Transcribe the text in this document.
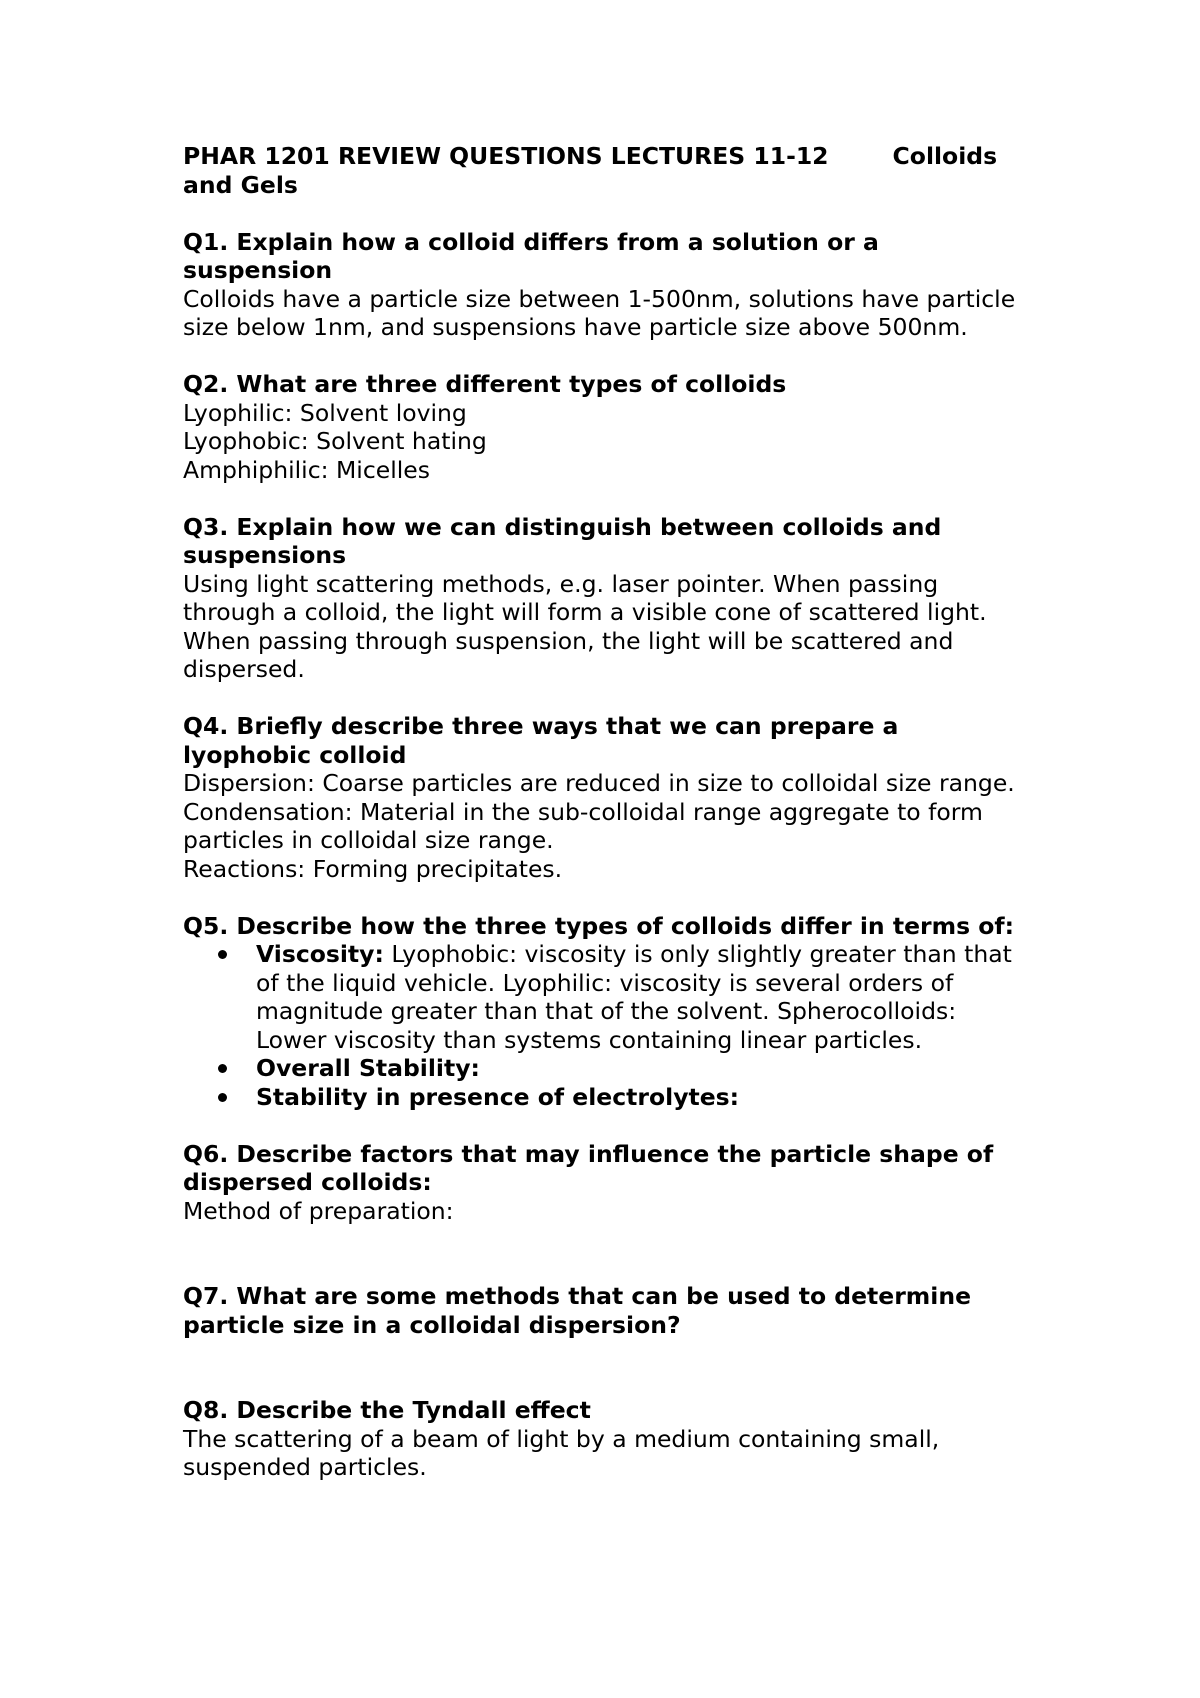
PHAR 1201 REVIEW QUESTIONS LECTURES 11-12	Colloids
and Gels

Q1. Explain how a colloid differs from a solution or a suspension

Colloids have a particle size between 1-500nm, solutions have particle size below 1nm, and suspensions have particle size above 500nm.

Q2. What are three different types of colloids

Lyophilic: Solvent loving

Lyophobic: Solvent hating

Amphiphilic: Micelles

Q3. Explain how we can distinguish between colloids and suspensions

Using light scattering methods, e.g. laser pointer. When passing through a colloid, the light will form a visible cone of scattered light. When passing through suspension, the light will be scattered and dispersed.

Q4. Briefly describe three ways that we can prepare a lyophobic colloid

Dispersion: Coarse particles are reduced in size to colloidal size range.

Condensation: Material in the sub-colloidal range aggregate to form particles in colloidal size range.

Reactions: Forming precipitates.

Q5. Describe how the three types of colloids differ in terms of:

Viscosity: Lyophobic: viscosity is only slightly greater than that of the liquid vehicle. Lyophilic: viscosity is several orders of magnitude greater than that of the solvent. Spherocolloids: Lower viscosity than systems containing linear particles.
Overall Stability:
Stability in presence of electrolytes:

Q6. Describe factors that may influence the particle shape of dispersed colloids:

Method of preparation:

Q7. What are some methods that can be used to determine particle size in a colloidal dispersion?

Q8. Describe the Tyndall effect

The scattering of a beam of light by a medium containing small, suspended particles.
